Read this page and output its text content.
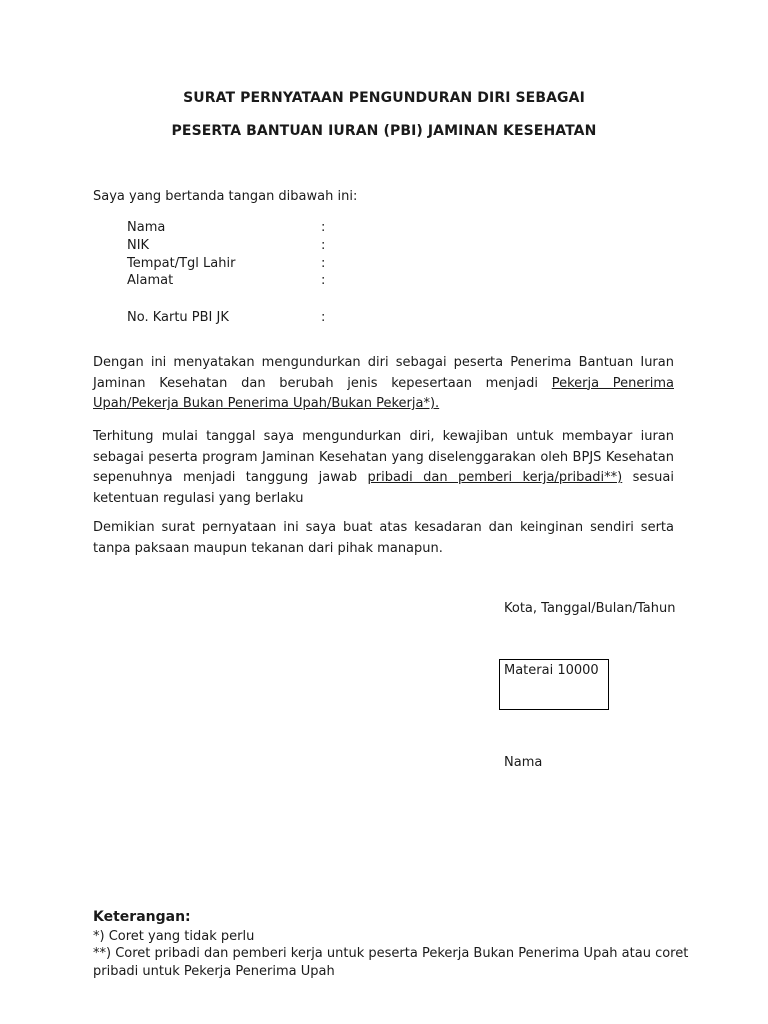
SURAT PERNYATAAN PENGUNDURAN DIRI SEBAGAI
PESERTA BANTUAN IURAN (PBI) JAMINAN KESEHATAN
Saya yang bertanda tangan dibawah ini:
Nama	:
NIK	:
Tempat/Tgl Lahir	:
Alamat	:
No. Kartu PBI JK	:
Dengan ini menyatakan mengundurkan diri sebagai peserta Penerima Bantuan Iuran Jaminan Kesehatan dan berubah jenis kepesertaan menjadi Pekerja Penerima Upah/Pekerja Bukan Penerima Upah/Bukan Pekerja*).
Terhitung mulai tanggal saya mengundurkan diri, kewajiban untuk membayar iuran sebagai peserta program Jaminan Kesehatan yang diselenggarakan oleh BPJS Kesehatan sepenuhnya menjadi tanggung jawab pribadi dan pemberi kerja/pribadi**) sesuai ketentuan regulasi yang berlaku
Demikian surat pernyataan ini saya buat atas kesadaran dan keinginan sendiri serta tanpa paksaan maupun tekanan dari pihak manapun.
Kota, Tanggal/Bulan/Tahun
Materai 10000
Nama
Keterangan:
*) Coret yang tidak perlu
**) Coret pribadi dan pemberi kerja untuk peserta Pekerja Bukan Penerima Upah atau coret pribadi untuk Pekerja Penerima Upah
